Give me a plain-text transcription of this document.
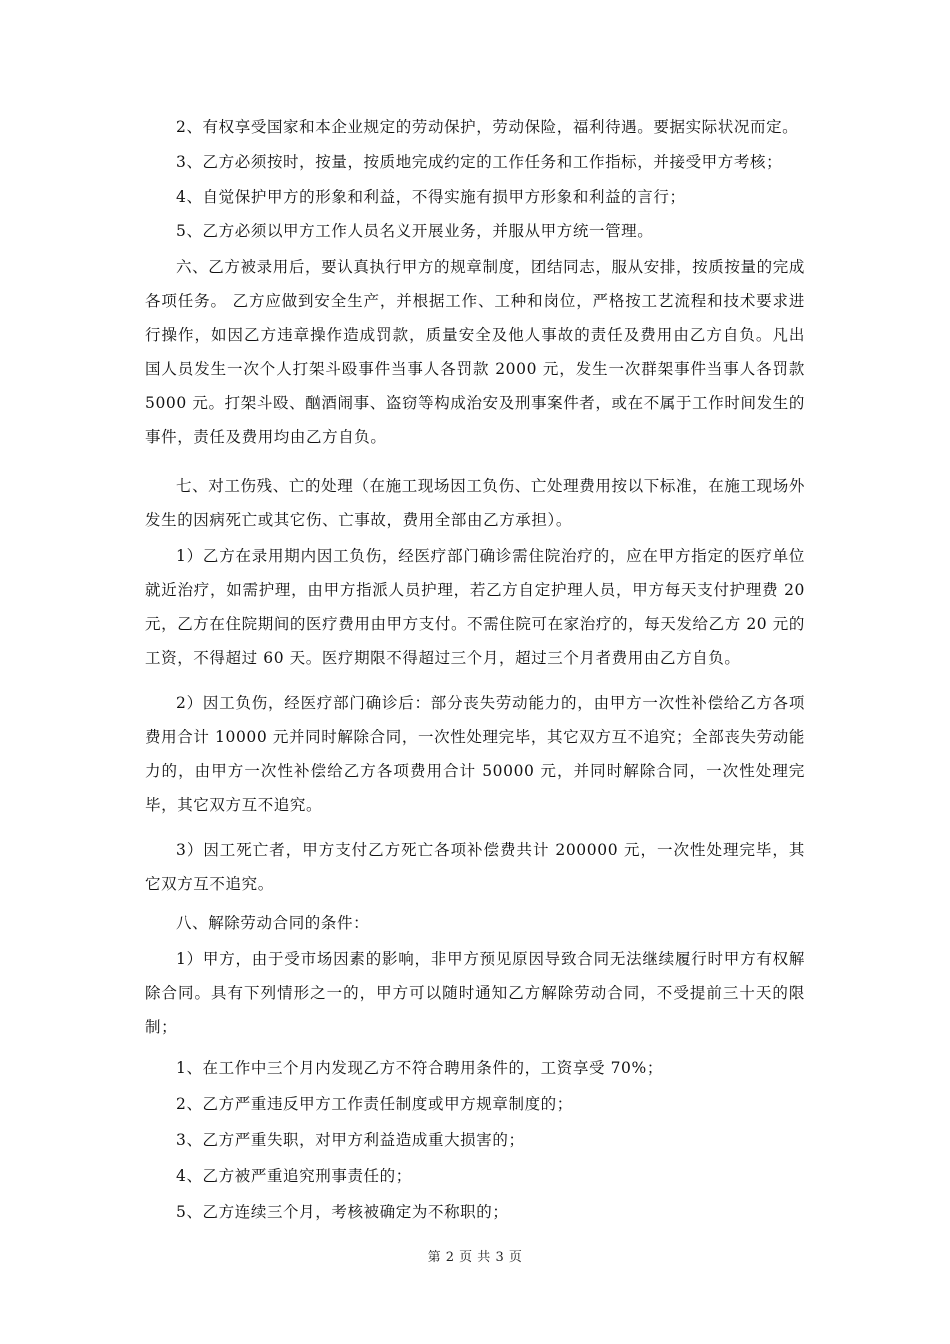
2、有权享受国家和本企业规定的劳动保护，劳动保险，福利待遇。要据实际状况而定。

3、乙方必须按时，按量，按质地完成约定的工作任务和工作指标，并接受甲方考核；

4、自觉保护甲方的形象和利益，不得实施有损甲方形象和利益的言行；

5、乙方必须以甲方工作人员名义开展业务，并服从甲方统一管理。

六、乙方被录用后，要认真执行甲方的规章制度，团结同志，服从安排，按质按量的完成各项任务。 乙方应做到安全生产，并根据工作、工种和岗位，严格按工艺流程和技术要求进行操作，如因乙方违章操作造成罚款，质量安全及他人事故的责任及费用由乙方自负。凡出国人员发生一次个人打架斗殴事件当事人各罚款 2000 元，发生一次群架事件当事人各罚款 5000 元。打架斗殴、酗酒闹事、盗窃等构成治安及刑事案件者，或在不属于工作时间发生的事件，责任及费用均由乙方自负。

七、对工伤残、亡的处理（在施工现场因工负伤、亡处理费用按以下标准，在施工现场外发生的因病死亡或其它伤、亡事故，费用全部由乙方承担）。

1）乙方在录用期内因工负伤，经医疗部门确诊需住院治疗的，应在甲方指定的医疗单位就近治疗，如需护理，由甲方指派人员护理，若乙方自定护理人员，甲方每天支付护理费 20 元，乙方在住院期间的医疗费用由甲方支付。不需住院可在家治疗的，每天发给乙方 20 元的工资，不得超过 60 天。医疗期限不得超过三个月，超过三个月者费用由乙方自负。

2）因工负伤，经医疗部门确诊后：部分丧失劳动能力的，由甲方一次性补偿给乙方各项费用合计 10000 元并同时解除合同，一次性处理完毕，其它双方互不追究；全部丧失劳动能力的，由甲方一次性补偿给乙方各项费用合计 50000 元，并同时解除合同，一次性处理完毕，其它双方互不追究。

3）因工死亡者，甲方支付乙方死亡各项补偿费共计 200000 元，一次性处理完毕，其它双方互不追究。

八、解除劳动合同的条件：

1）甲方，由于受市场因素的影响，非甲方预见原因导致合同无法继续履行时甲方有权解除合同。具有下列情形之一的，甲方可以随时通知乙方解除劳动合同，不受提前三十天的限制；

1、在工作中三个月内发现乙方不符合聘用条件的，工资享受 70%；

2、乙方严重违反甲方工作责任制度或甲方规章制度的；

3、乙方严重失职，对甲方利益造成重大损害的；

4、乙方被严重追究刑事责任的；

5、乙方连续三个月，考核被确定为不称职的；

第 2 页 共 3 页
